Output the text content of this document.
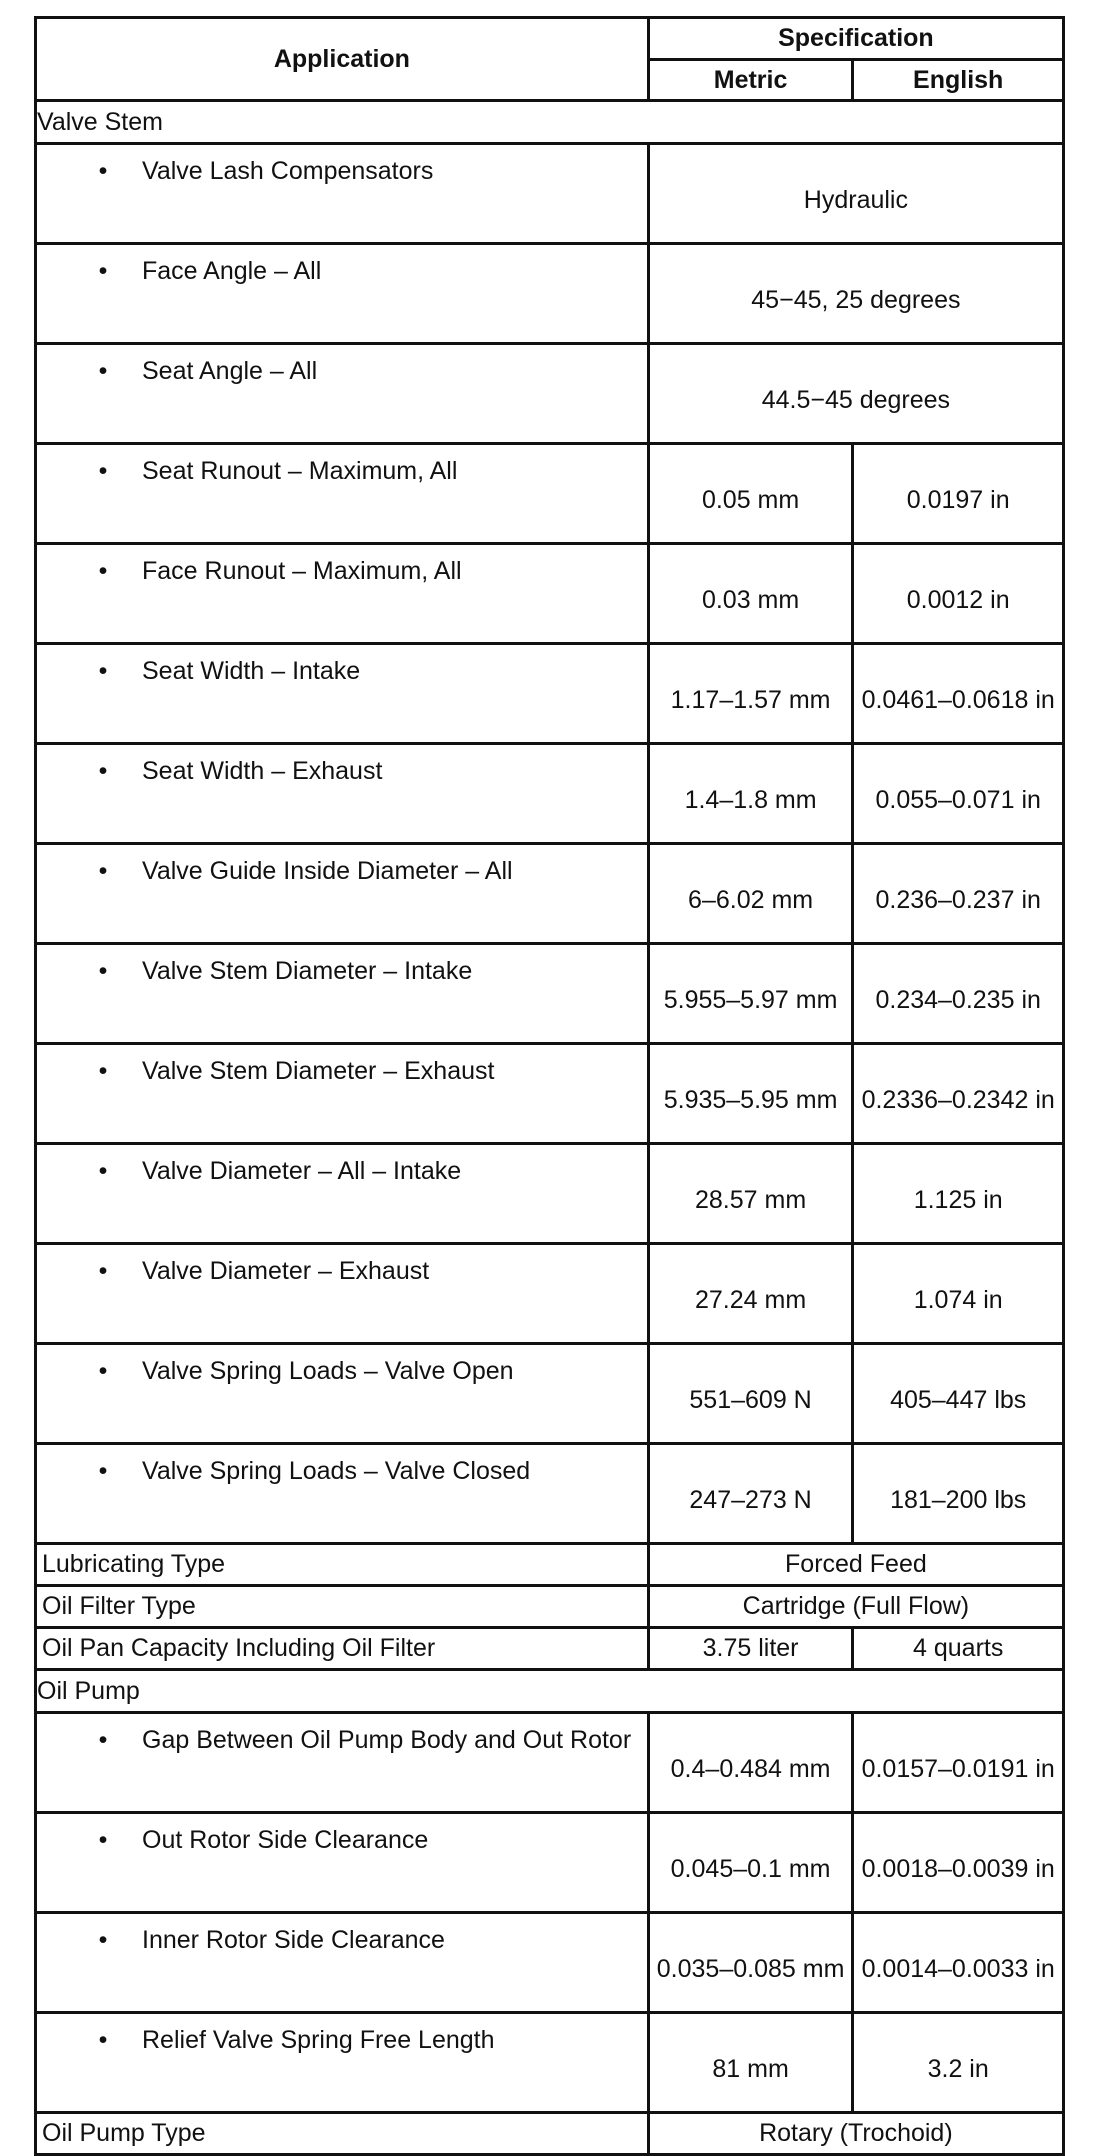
Application	Specification	
	Metric	English
Valve Stem		
• Valve Lash Compensators	Hydraulic	
• Face Angle – All	45−45, 25 degrees	
• Seat Angle – All	44.5−45 degrees	
• Seat Runout – Maximum, All	0.05 mm	0.0197 in
• Face Runout – Maximum, All	0.03 mm	0.0012 in
• Seat Width – Intake	1.17–1.57 mm	0.0461–0.0618 in
• Seat Width – Exhaust	1.4–1.8 mm	0.055–0.071 in
• Valve Guide Inside Diameter – All	6–6.02 mm	0.236–0.237 in
• Valve Stem Diameter – Intake	5.955–5.97 mm	0.234–0.235 in
• Valve Stem Diameter – Exhaust	5.935–5.95 mm	0.2336–0.2342 in
• Valve Diameter – All – Intake	28.57 mm	1.125 in
• Valve Diameter – Exhaust	27.24 mm	1.074 in
• Valve Spring Loads – Valve Open	551–609 N	405–447 lbs
• Valve Spring Loads – Valve Closed	247–273 N	181–200 lbs
Lubricating Type	Forced Feed	
Oil Filter Type	Cartridge (Full Flow)	
Oil Pan Capacity Including Oil Filter	3.75 liter	4 quarts
Oil Pump		
• Gap Between Oil Pump Body and Out Rotor	0.4–0.484 mm	0.0157–0.0191 in
• Out Rotor Side Clearance	0.045–0.1 mm	0.0018–0.0039 in
• Inner Rotor Side Clearance	0.035–0.085 mm	0.0014–0.0033 in
• Relief Valve Spring Free Length	81 mm	3.2 in
Oil Pump Type	Rotary (Trochoid)	
